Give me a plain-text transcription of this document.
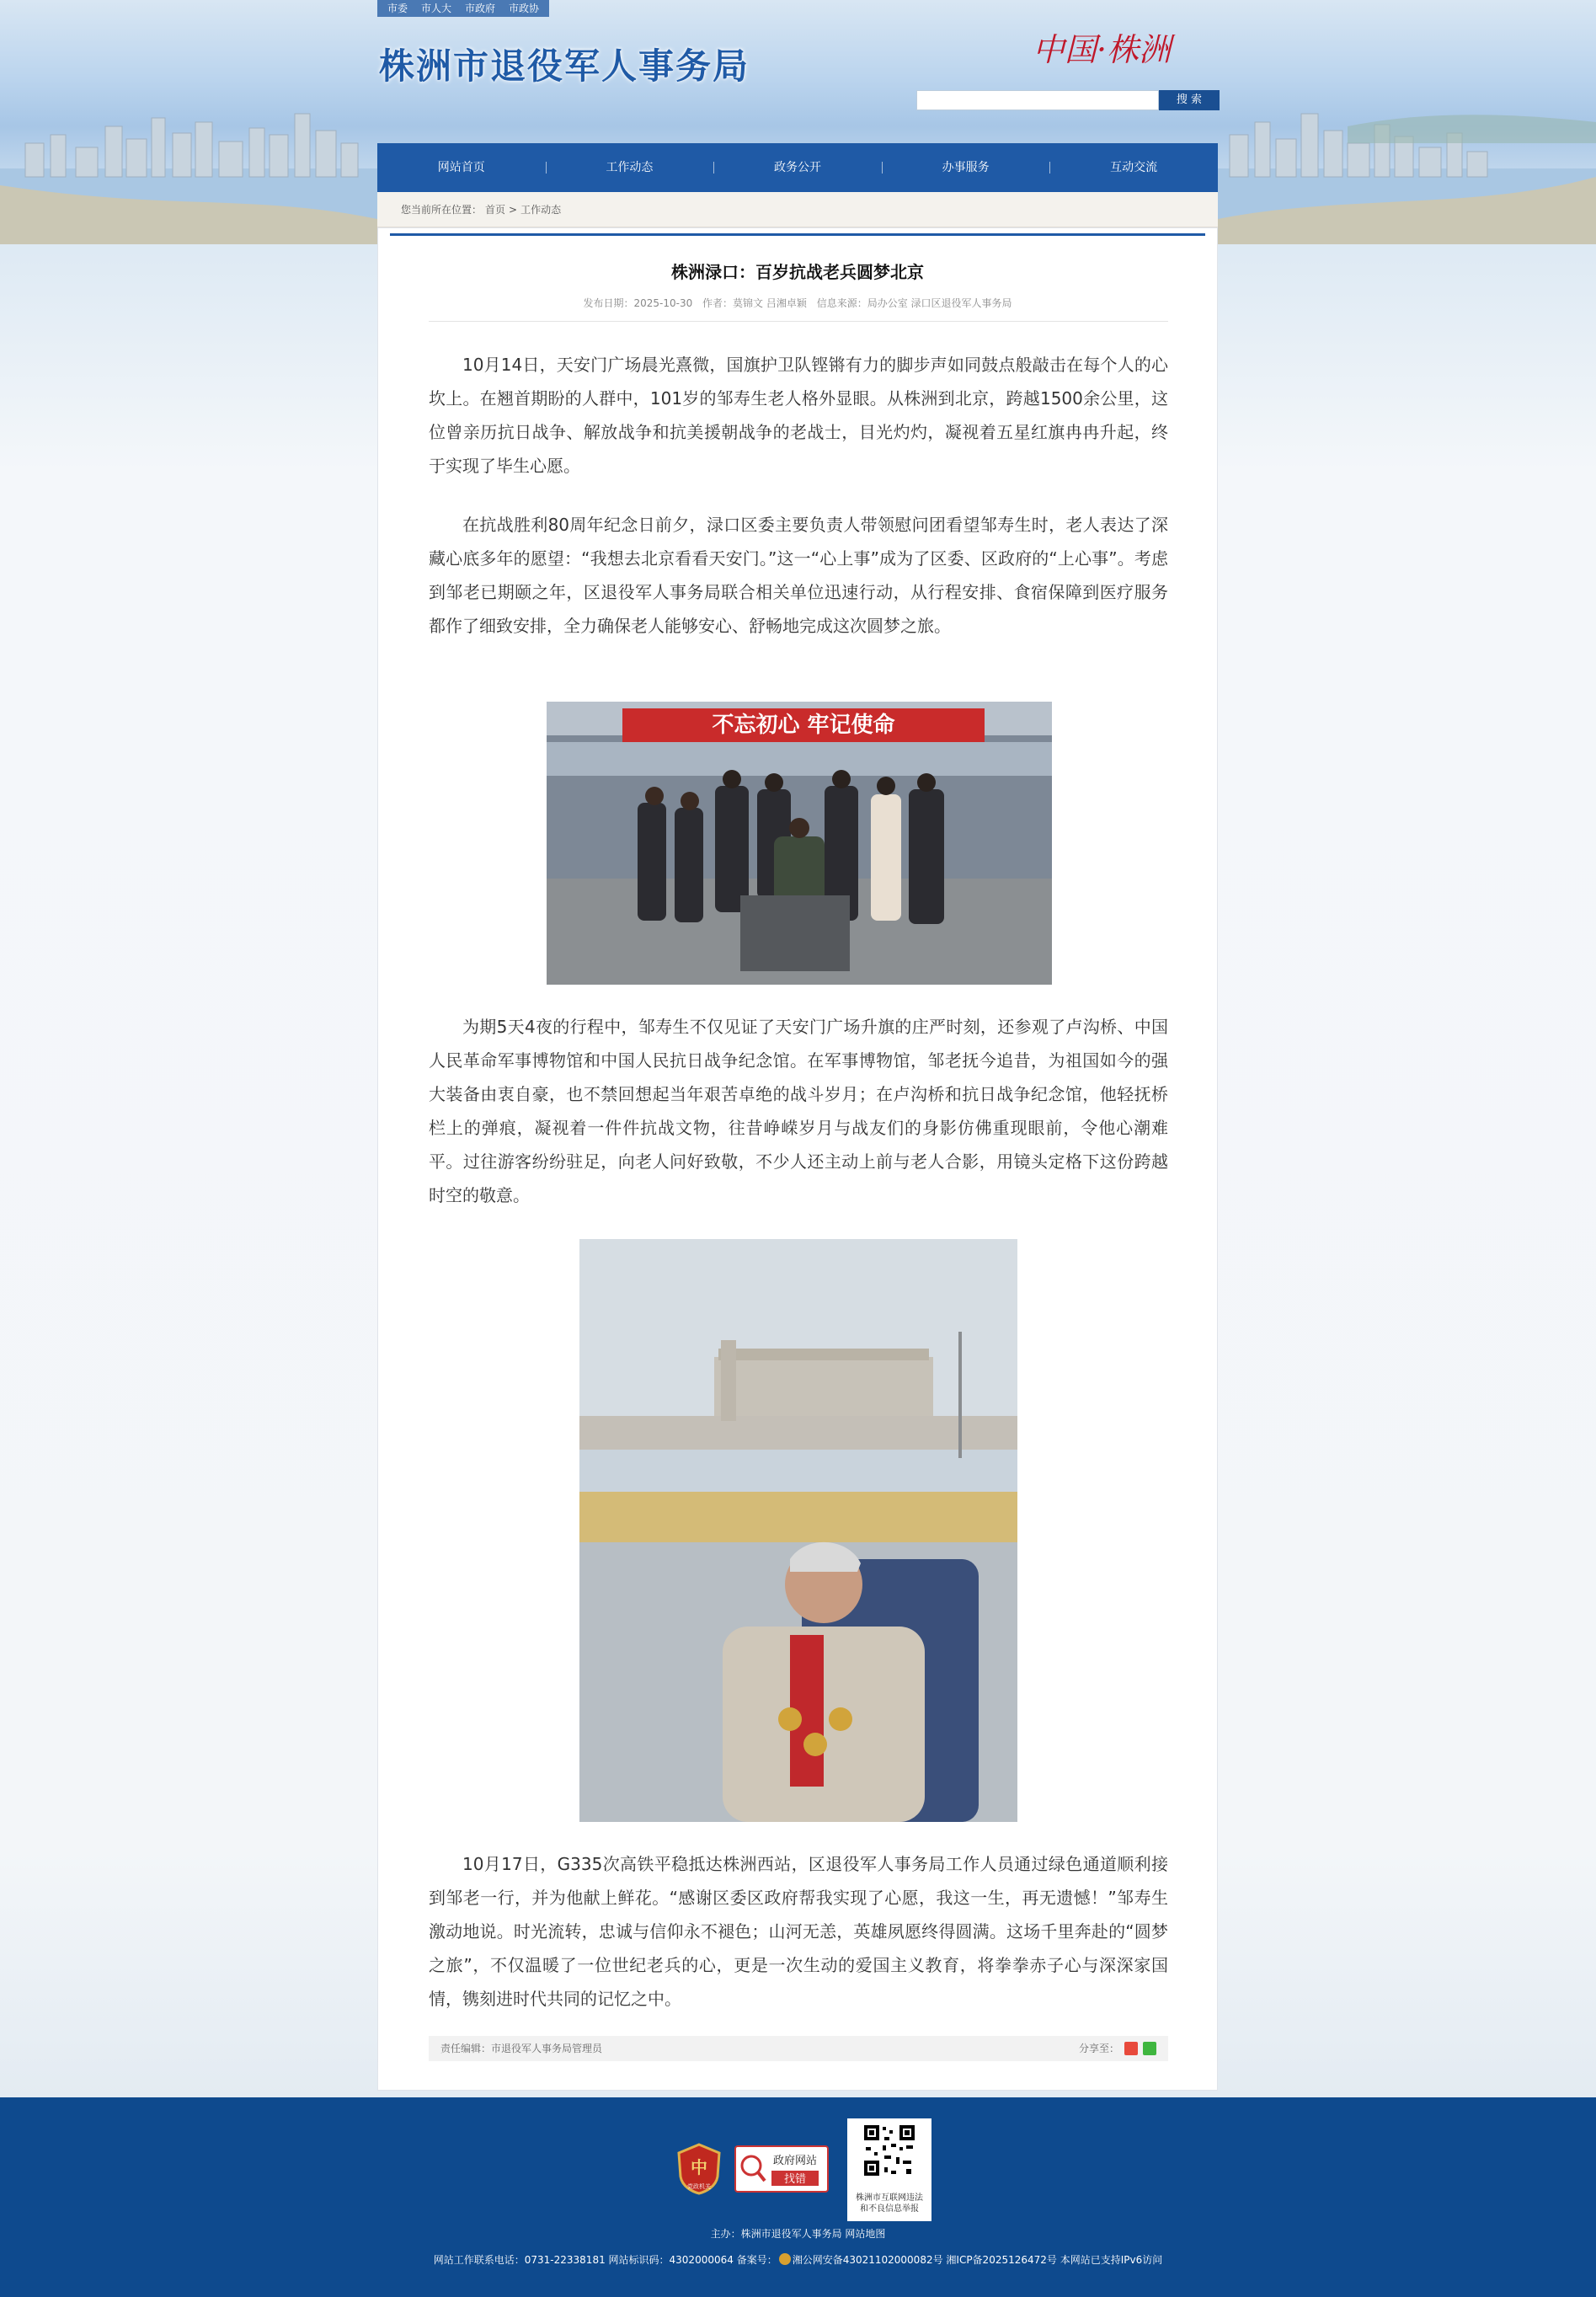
市委	市人大	市政府	市政协
株洲市退役军人事务局	中国·株洲
搜 索
网站首页	工作动态	政务公开	办事服务	互动交流
您当前所在位置： 首页 > 工作动态
株洲渌口：百岁抗战老兵圆梦北京
发布日期：2025-10-30 作者：莫锦文 吕湘卓颖 信息来源：局办公室 渌口区退役军人事务局

10月14日，天安门广场晨光熹微，国旗护卫队铿锵有力的脚步声如同鼓点般敲击在每个人的心坎上。在翘首期盼的人群中，101岁的邹寿生老人格外显眼。从株洲到北京，跨越1500余公里，这位曾亲历抗日战争、解放战争和抗美援朝战争的老战士，目光灼灼，凝视着五星红旗冉冉升起，终于实现了毕生心愿。

在抗战胜利80周年纪念日前夕，渌口区委主要负责人带领慰问团看望邹寿生时，老人表达了深藏心底多年的愿望：“我想去北京看看天安门。”这一“心上事”成为了区委、区政府的“上心事”。考虑到邹老已期颐之年，区退役军人事务局联合相关单位迅速行动，从行程安排、食宿保障到医疗服务都作了细致安排，全力确保老人能够安心、舒畅地完成这次圆梦之旅。

不忘初心 牢记使命

为期5天4夜的行程中，邹寿生不仅见证了天安门广场升旗的庄严时刻，还参观了卢沟桥、中国人民革命军事博物馆和中国人民抗日战争纪念馆。在军事博物馆，邹老抚今追昔，为祖国如今的强大装备由衷自豪，也不禁回想起当年艰苦卓绝的战斗岁月；在卢沟桥和抗日战争纪念馆，他轻抚桥栏上的弹痕，凝视着一件件抗战文物，往昔峥嵘岁月与战友们的身影仿佛重现眼前，令他心潮难平。过往游客纷纷驻足，向老人问好致敬，不少人还主动上前与老人合影，用镜头定格下这份跨越时空的敬意。

10月17日，G335次高铁平稳抵达株洲西站，区退役军人事务局工作人员通过绿色通道顺利接到邹老一行，并为他献上鲜花。“感谢区委区政府帮我实现了心愿，我这一生，再无遗憾！”邹寿生激动地说。时光流转，忠诚与信仰永不褪色；山河无恙，英雄夙愿终得圆满。这场千里奔赴的“圆梦之旅”，不仅温暖了一位世纪老兵的心，更是一次生动的爱国主义教育，将拳拳赤子心与深深家国情，镌刻进时代共同的记忆之中。

责任编辑：市退役军人事务局管理员	分享至：
中
党政机关
政府网站
找错
株洲市互联网违法
和不良信息举报
主办：株洲市退役军人事务局 网站地图
网站工作联系电话：0731-22338181 网站标识码：4302000064 备案号： 湘公网安备43021102000082号 湘ICP备2025126472号 本网站已支持IPv6访问
